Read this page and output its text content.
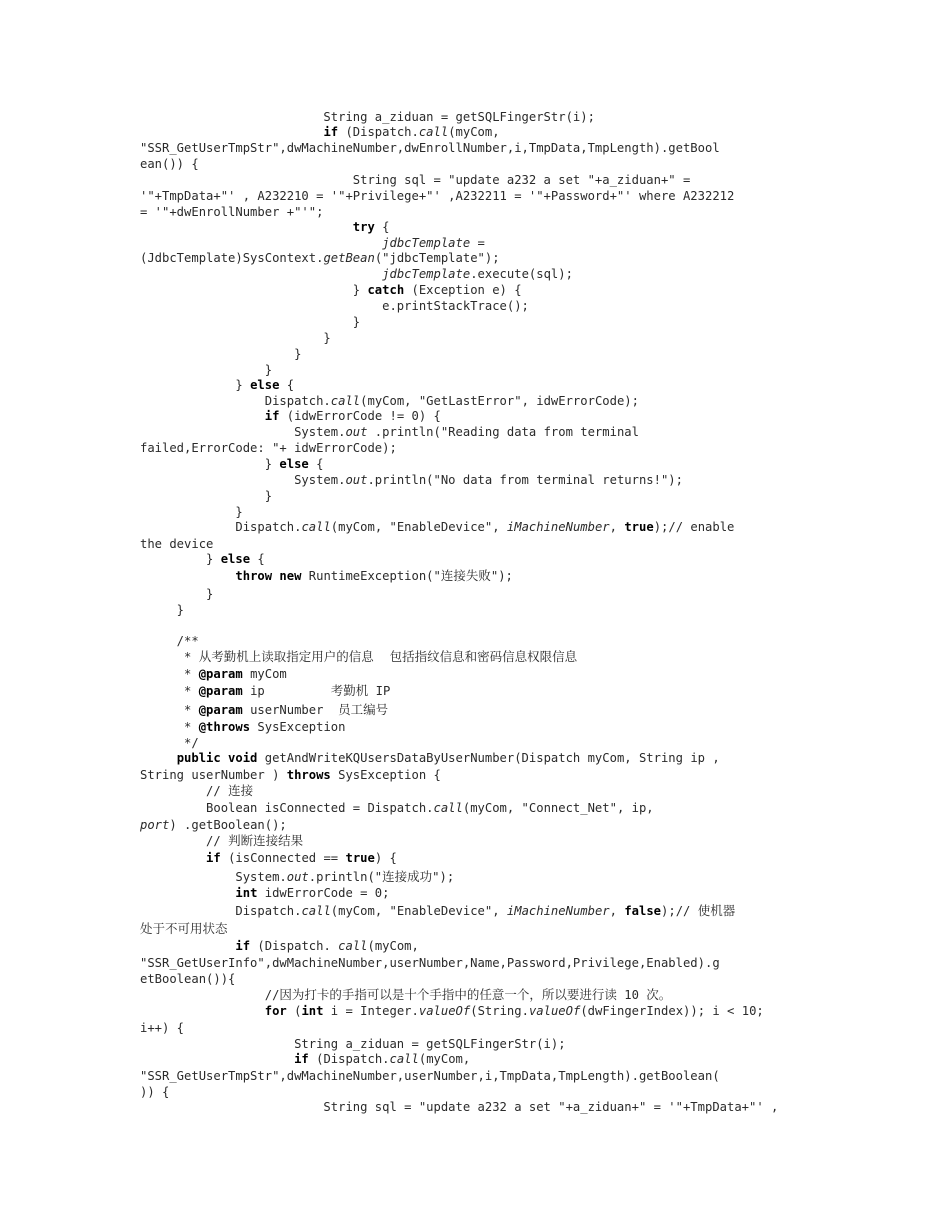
String a_ziduan = getSQLFingerStr(i);
if (Dispatch.call(myCom,
"SSR_GetUserTmpStr",dwMachineNumber,dwEnrollNumber,i,TmpData,TmpLength).getBool
ean()) {
String sql = "update a232 a set "+a_ziduan+" =
'"+TmpData+"' , A232210 = '"+Privilege+"' ,A232211 = '"+Password+"' where A232212
= '"+dwEnrollNumber +"'";
try {
jdbcTemplate =
(JdbcTemplate)SysContext.getBean("jdbcTemplate");
jdbcTemplate.execute(sql);
} catch (Exception e) {
e.printStackTrace();
}
}
}
}
} else {
Dispatch.call(myCom, "GetLastError", idwErrorCode);
if (idwErrorCode != 0) {
System.out .println("Reading data from terminal
failed,ErrorCode: "+ idwErrorCode);
} else {
System.out.println("No data from terminal returns!");
}
}
Dispatch.call(myCom, "EnableDevice", iMachineNumber, true);// enable
the device
} else {
throw new RuntimeException("连接失败");
}
}
/**
* 从考勤机上读取指定用户的信息    包括指纹信息和密码信息权限信息
* @param myCom
* @param ip         考勤机 IP
* @param userNumber  员工编号
* @throws SysException
*/
public void getAndWriteKQUsersDataByUserNumber(Dispatch myCom, String ip ,
String userNumber ) throws SysException {
// 连接
Boolean isConnected = Dispatch.call(myCom, "Connect_Net", ip,
port) .getBoolean();
// 判断连接结果
if (isConnected == true) {
System.out.println("连接成功");
int idwErrorCode = 0;
Dispatch.call(myCom, "EnableDevice", iMachineNumber, false);// 使机器
处于不可用状态
if (Dispatch. call(myCom,
"SSR_GetUserInfo",dwMachineNumber,userNumber,Name,Password,Privilege,Enabled).g
etBoolean()){
//因为打卡的手指可以是十个手指中的任意一个，所以要进行读 10 次。
for (int i = Integer.valueOf(String.valueOf(dwFingerIndex)); i < 10;
i++) {
String a_ziduan = getSQLFingerStr(i);
if (Dispatch.call(myCom,
"SSR_GetUserTmpStr",dwMachineNumber,userNumber,i,TmpData,TmpLength).getBoolean(
)) {
String sql = "update a232 a set "+a_ziduan+" = '"+TmpData+"' ,
